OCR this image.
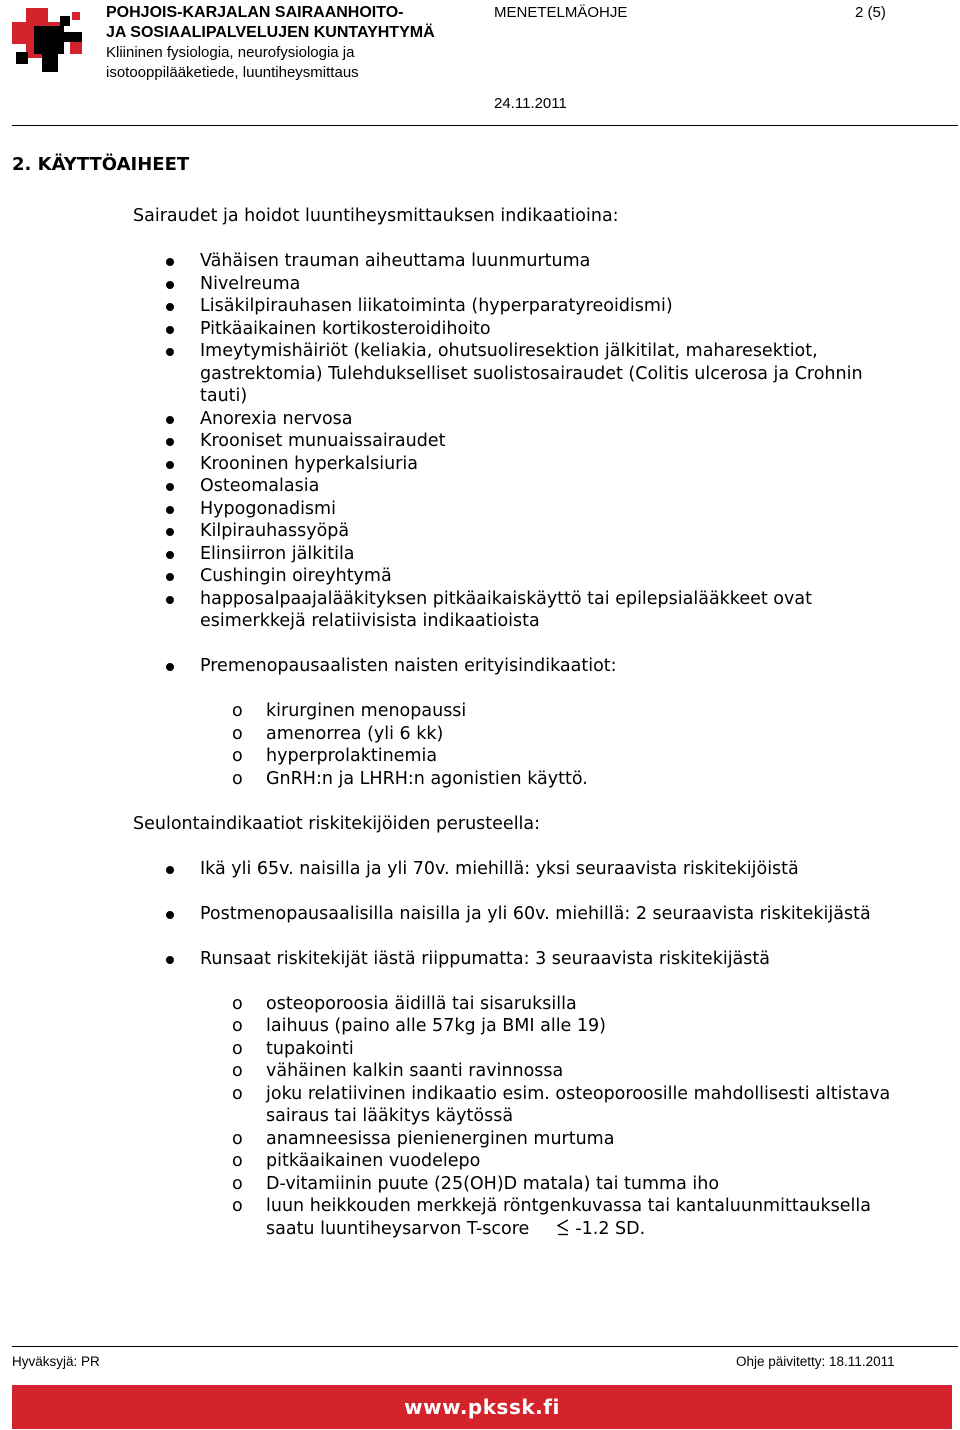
POHJOIS-KARJALAN SAIRAANHOITO-
JA SOSIAALIPALVELUJEN KUNTAYHTYMÄ
Kliininen fysiologia, neurofysiologia ja
isotooppilääketiede, luuntiheysmittaus
MENETELMÄOHJE	2 (5)
24.11.2011
2. KÄYTTÖAIHEET
Sairaudet ja hoidot luuntiheysmittauksen indikaatioina:
Vähäisen trauman aiheuttama luunmurtuma
Nivelreuma
Lisäkilpirauhasen liikatoiminta (hyperparatyreoidismi)
Pitkäaikainen kortikosteroidihoito
Imeytymishäiriöt (keliakia, ohutsuoliresektion jälkitilat, maharesektiot,
gastrektomia) Tulehdukselliset suolistosairaudet (Colitis ulcerosa ja Crohnin
tauti)
Anorexia nervosa
Krooniset munuaissairaudet
Krooninen hyperkalsiuria
Osteomalasia
Hypogonadismi
Kilpirauhassyöpä
Elinsiirron jälkitila
Cushingin oireyhtymä
happosalpaajalääkityksen pitkäaikaiskäyttö tai epilepsialääkkeet ovat
esimerkkejä relatiivisista indikaatioista
Premenopausaalisten naisten erityisindikaatiot:
o kirurginen menopaussi
o amenorrea (yli 6 kk)
o hyperprolaktinemia
o GnRH:n ja LHRH:n agonistien käyttö.
Seulontaindikaatiot riskitekijöiden perusteella:
Ikä yli 65v. naisilla ja yli 70v. miehillä: yksi seuraavista riskitekijöistä
Postmenopausaalisilla naisilla ja yli 60v. miehillä: 2 seuraavista riskitekijästä
Runsaat riskitekijät iästä riippumatta: 3 seuraavista riskitekijästä
o osteoporoosia äidillä tai sisaruksilla
o laihuus (paino alle 57kg ja BMI alle 19)
o tupakointi
o vähäinen kalkin saanti ravinnossa
o joku relatiivinen indikaatio esim. osteoporoosille mahdollisesti altistava
sairaus tai lääkitys käytössä
o anamneesissa pienienerginen murtuma
o pitkäaikainen vuodelepo
o D-vitamiinin puute (25(OH)D matala) tai tumma iho
o luun heikkouden merkkejä röntgenkuvassa tai kantaluunmittauksella
saatu luuntiheysarvon T-score	-1.2 SD.
Hyväksyjä: PR	Ohje päivitetty: 18.11.2011
www.pkssk.fi
